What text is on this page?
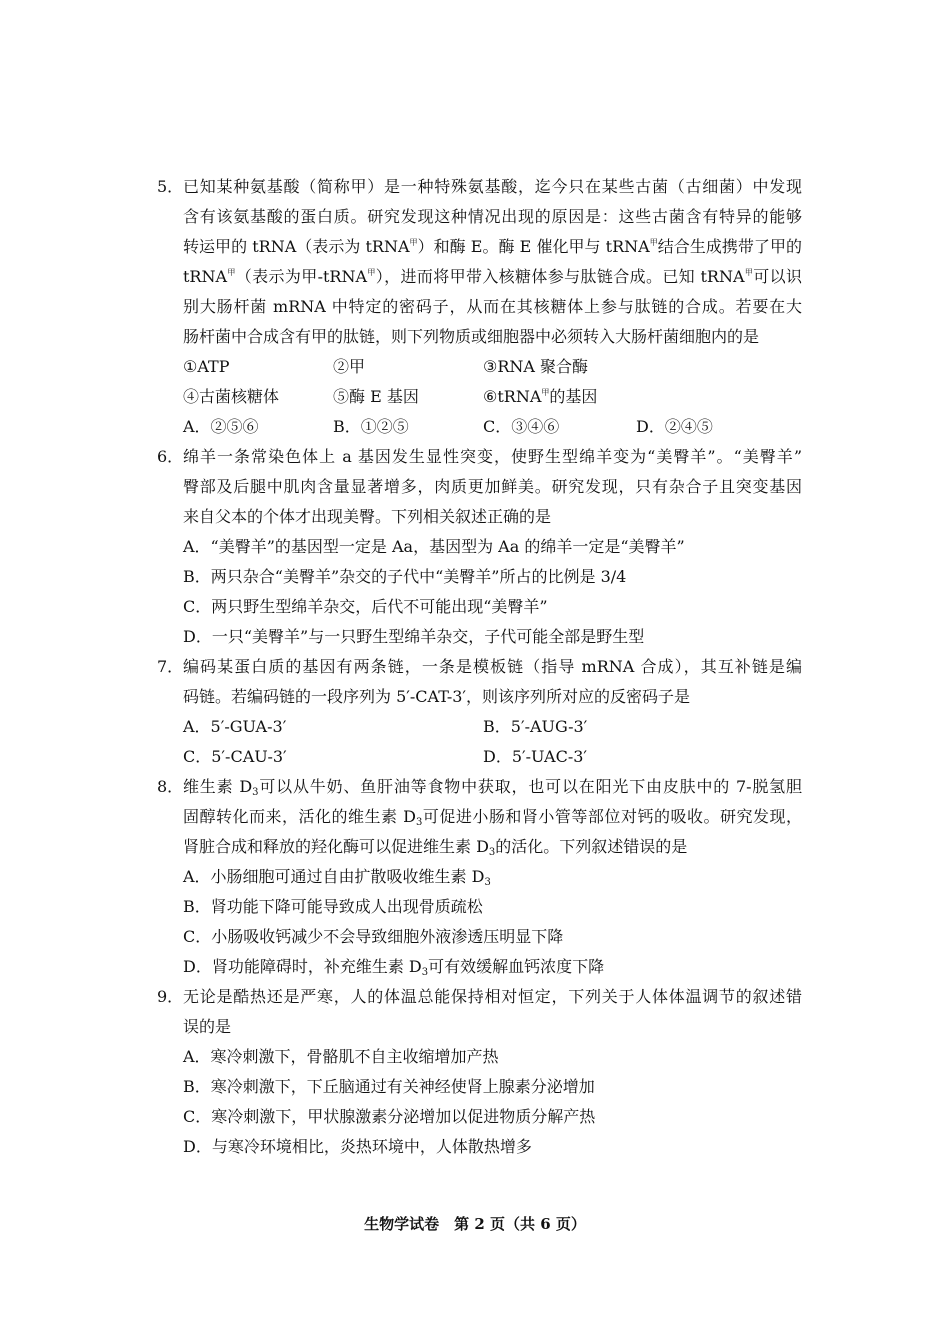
5． 已知某种氨基酸（简称甲）是一种特殊氨基酸，迄今只在某些古菌（古细菌）中发现
含有该氨基酸的蛋白质。研究发现这种情况出现的原因是：这些古菌含有特异的能够
转运甲的 tRNA（表示为 tRNA$^甲$）和酶 E。酶 E 催化甲与 tRNA$^甲$结合生成携带了甲的
tRNA$^甲$（表示为甲-tRNA$^甲$），进而将甲带入核糖体参与肽链合成。已知 tRNA$^甲$可以识
别大肠杆菌 mRNA 中特定的密码子，从而在其核糖体上参与肽链的合成。若要在大
肠杆菌中合成含有甲的肽链，则下列物质或细胞器中必须转入大肠杆菌细胞内的是
①ATP	②甲	③RNA 聚合酶
④古菌核糖体	⑤酶 E 基因	⑥tRNA$^甲$的基因
A．②⑤⑥	B．①②⑤	C．③④⑥	D．②④⑤
6． 绵羊一条常染色体上 a 基因发生显性突变，使野生型绵羊变为“美臀羊”。“美臀羊”
臀部及后腿中肌肉含量显著增多，肉质更加鲜美。研究发现，只有杂合子且突变基因
来自父本的个体才出现美臀。下列相关叙述正确的是
A．“美臀羊”的基因型一定是 Aa，基因型为 Aa 的绵羊一定是“美臀羊”
B．两只杂合“美臀羊”杂交的子代中“美臀羊”所占的比例是 3/4
C．两只野生型绵羊杂交，后代不可能出现“美臀羊”
D．一只“美臀羊”与一只野生型绵羊杂交，子代可能全部是野生型
7． 编码某蛋白质的基因有两条链，一条是模板链（指导 mRNA 合成），其互补链是编
码链。若编码链的一段序列为 5′-CAT-3′，则该序列所对应的反密码子是
A．5′-GUA-3′	B．5′-AUG-3′
C．5′-CAU-3′	D．5′-UAC-3′
8． 维生素 $D_3$可以从牛奶、鱼肝油等食物中获取，也可以在阳光下由皮肤中的 7-脱氢胆
固醇转化而来，活化的维生素 $D_3$可促进小肠和肾小管等部位对钙的吸收。研究发现，
肾脏合成和释放的羟化酶可以促进维生素 $D_3$的活化。下列叙述错误的是
A．小肠细胞可通过自由扩散吸收维生素 $D_3$
B．肾功能下降可能导致成人出现骨质疏松
C．小肠吸收钙减少不会导致细胞外液渗透压明显下降
D．肾功能障碍时，补充维生素 $D_3$可有效缓解血钙浓度下降
9． 无论是酷热还是严寒，人的体温总能保持相对恒定，下列关于人体体温调节的叙述错
误的是
A．寒冷刺激下，骨骼肌不自主收缩增加产热
B．寒冷刺激下，下丘脑通过有关神经使肾上腺素分泌增加
C．寒冷刺激下，甲状腺激素分泌增加以促进物质分解产热
D．与寒冷环境相比，炎热环境中，人体散热增多
生物学试卷　第 2 页（共 6 页）
